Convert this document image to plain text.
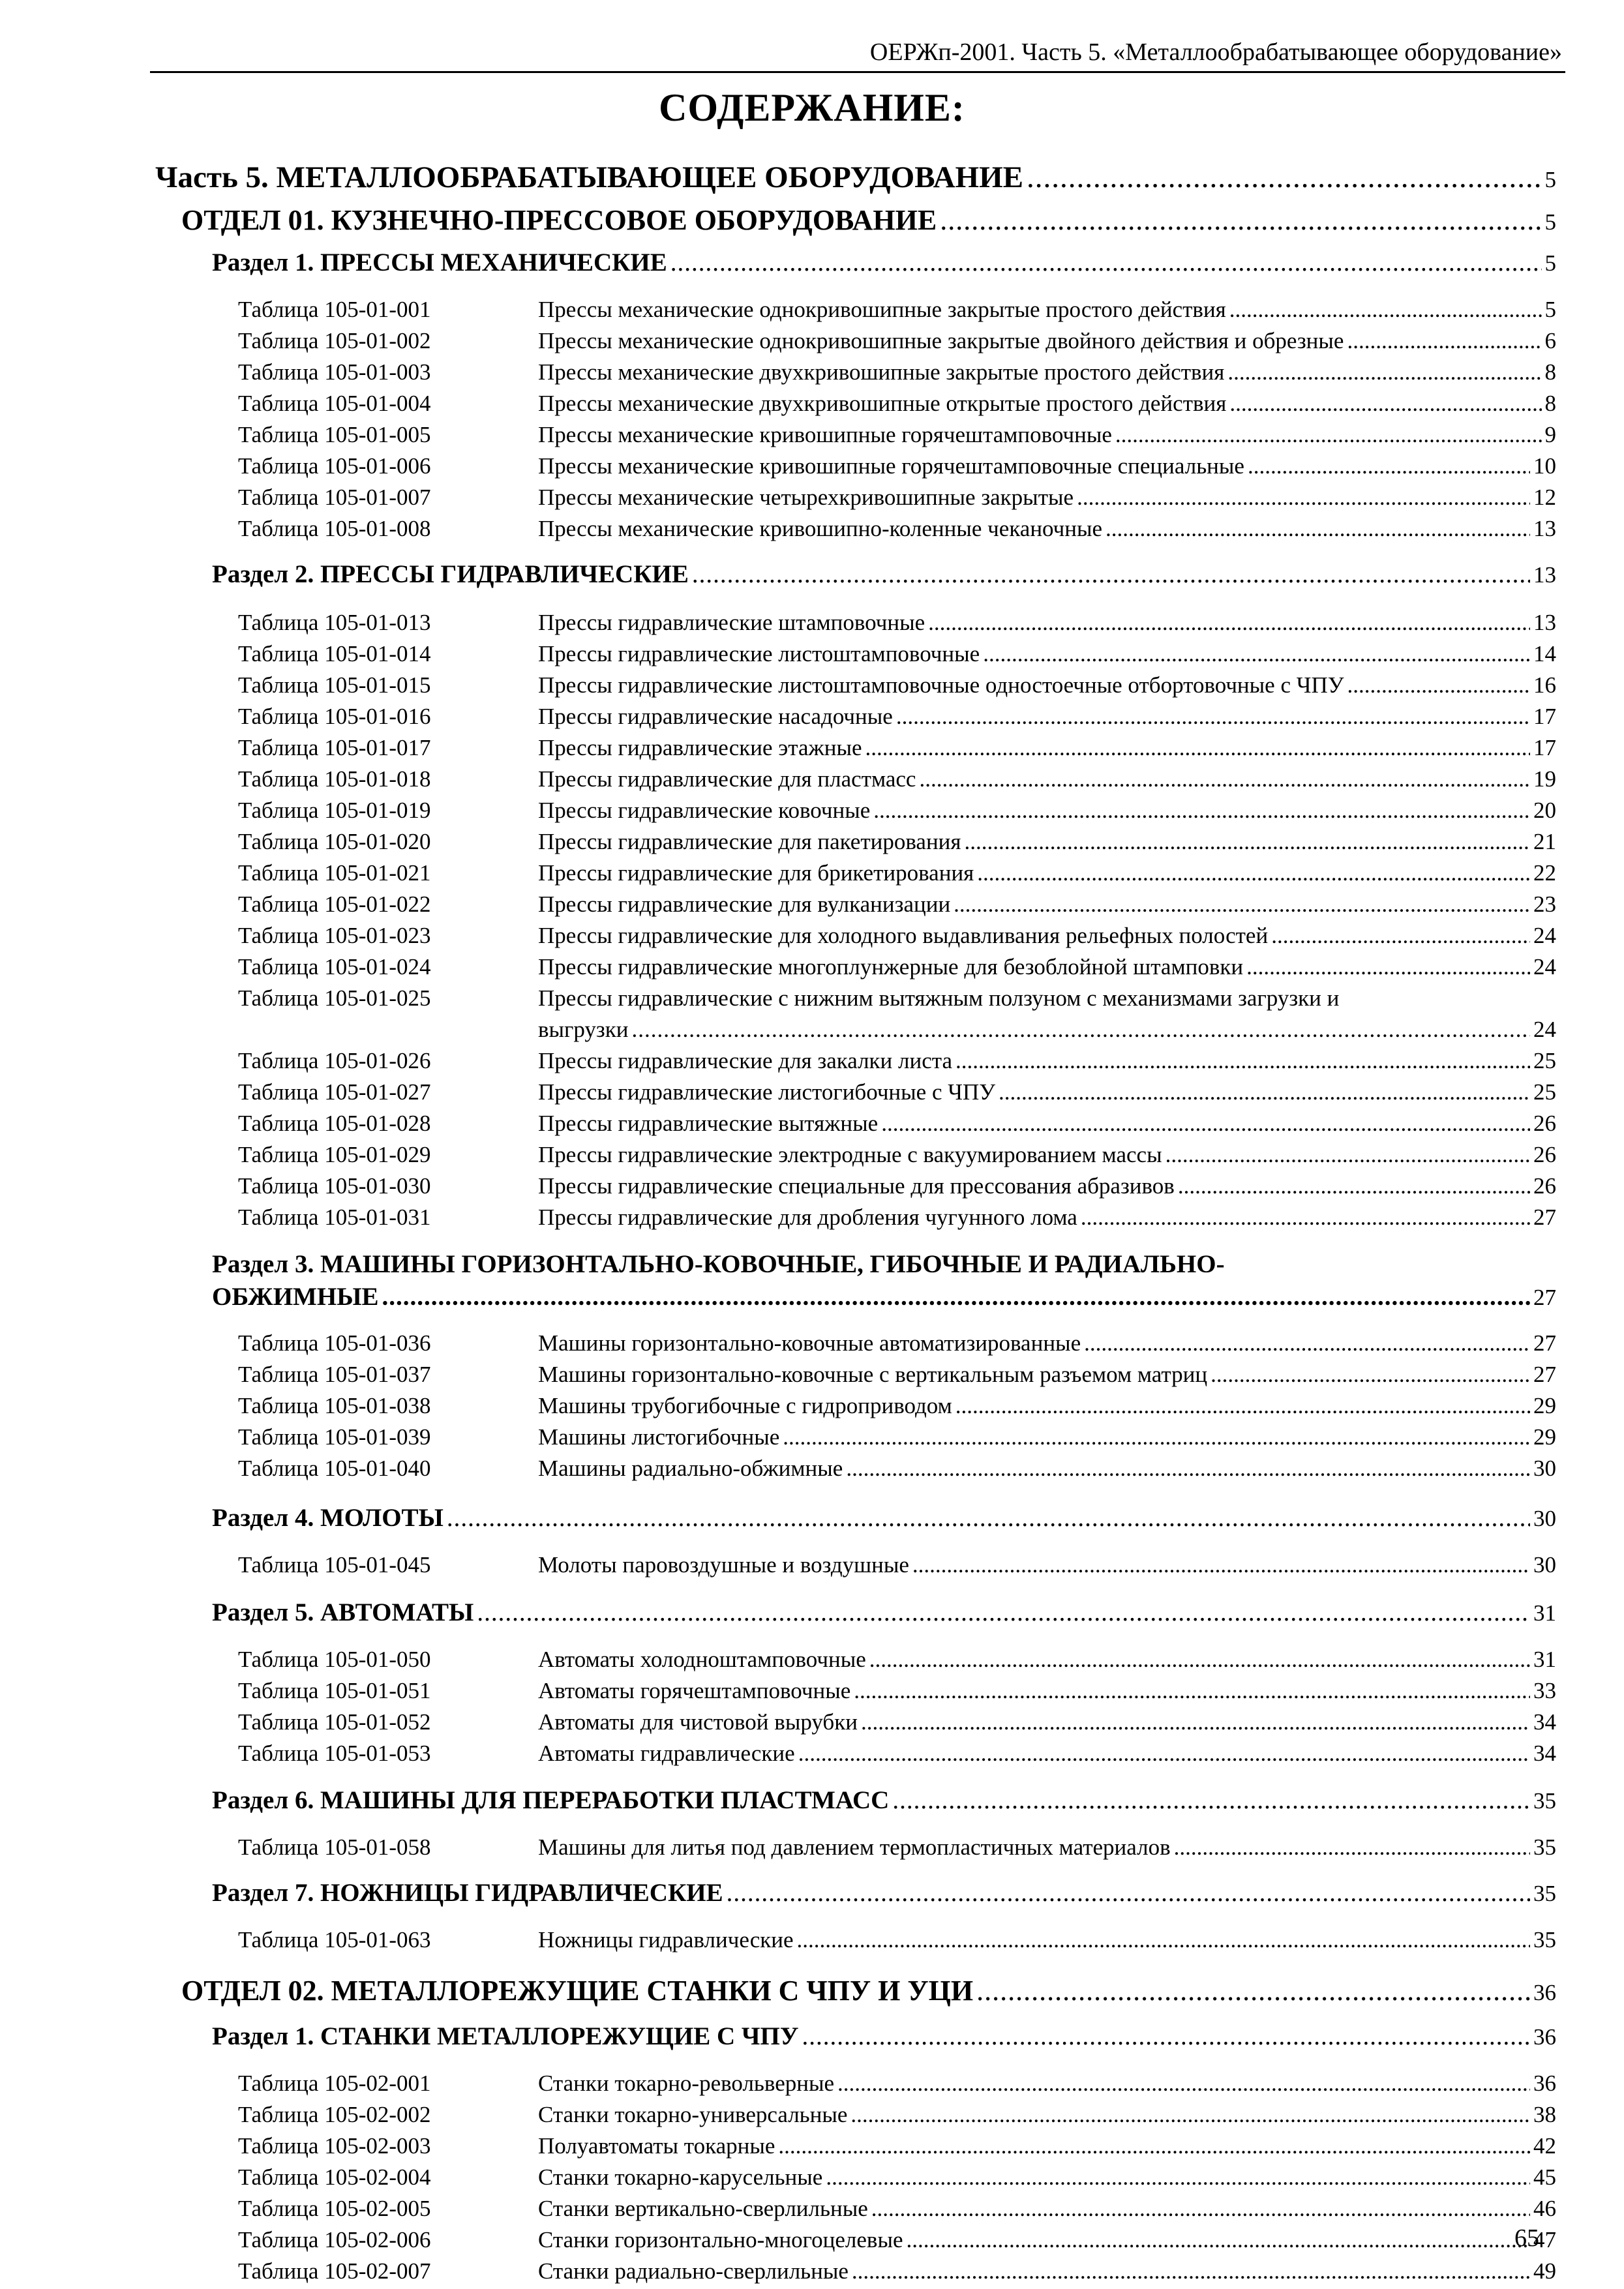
ОЕРЖп-2001. Часть 5. «Металлообрабатывающее оборудование»
СОДЕРЖАНИЕ:
Часть 5. МЕТАЛЛООБРАБАТЫВАЮЩЕЕ ОБОРУДОВАНИЕ .....	5
ОТДЕЛ 01. КУЗНЕЧНО-ПРЕССОВОЕ ОБОРУДОВАНИЕ .....	5
Раздел 1. ПРЕССЫ МЕХАНИЧЕСКИЕ .....	5
Таблица 105-01-001	Прессы механические однокривошипные закрытые простого действия .....	5
Таблица 105-01-002	Прессы механические однокривошипные закрытые двойного действия и обрезные .....	6
Таблица 105-01-003	Прессы механические двухкривошипные закрытые простого действия .....	8
Таблица 105-01-004	Прессы механические двухкривошипные открытые простого действия .....	8
Таблица 105-01-005	Прессы механические кривошипные горячештамповочные .....	9
Таблица 105-01-006	Прессы механические кривошипные горячештамповочные специальные .....	10
Таблица 105-01-007	Прессы механические четырехкривошипные закрытые .....	12
Таблица 105-01-008	Прессы механические кривошипно-коленные чеканочные .....	13
Раздел 2. ПРЕССЫ ГИДРАВЛИЧЕСКИЕ .....	13
Таблица 105-01-013	Прессы гидравлические штамповочные .....	13
Таблица 105-01-014	Прессы гидравлические листоштамповочные .....	14
Таблица 105-01-015	Прессы гидравлические листоштамповочные одностоечные отбортовочные с ЧПУ .....	16
Таблица 105-01-016	Прессы гидравлические насадочные .....	17
Таблица 105-01-017	Прессы гидравлические этажные .....	17
Таблица 105-01-018	Прессы гидравлические для пластмасс .....	19
Таблица 105-01-019	Прессы гидравлические ковочные .....	20
Таблица 105-01-020	Прессы гидравлические для пакетирования .....	21
Таблица 105-01-021	Прессы гидравлические для брикетирования .....	22
Таблица 105-01-022	Прессы гидравлические для вулканизации .....	23
Таблица 105-01-023	Прессы гидравлические для холодного выдавливания рельефных полостей .....	24
Таблица 105-01-024	Прессы гидравлические многоплунжерные для безоблойной штамповки .....	24
Таблица 105-01-025	Прессы гидравлические с нижним вытяжным ползуном с механизмами загрузки и
выгрузки .....	24
Таблица 105-01-026	Прессы гидравлические для закалки листа .....	25
Таблица 105-01-027	Прессы гидравлические листогибочные с ЧПУ .....	25
Таблица 105-01-028	Прессы гидравлические вытяжные .....	26
Таблица 105-01-029	Прессы гидравлические электродные с вакуумированием массы .....	26
Таблица 105-01-030	Прессы гидравлические специальные для прессования абразивов .....	26
Таблица 105-01-031	Прессы гидравлические для дробления чугунного лома .....	27
Раздел 3. МАШИНЫ ГОРИЗОНТАЛЬНО-КОВОЧНЫЕ, ГИБОЧНЫЕ И РАДИАЛЬНО-
ОБЖИМНЫЕ .....	27
Таблица 105-01-036	Машины горизонтально-ковочные автоматизированные .....	27
Таблица 105-01-037	Машины горизонтально-ковочные с вертикальным разъемом матриц .....	27
Таблица 105-01-038	Машины трубогибочные с гидроприводом .....	29
Таблица 105-01-039	Машины листогибочные .....	29
Таблица 105-01-040	Машины радиально-обжимные .....	30
Раздел 4. МОЛОТЫ .....	30
Таблица 105-01-045	Молоты паровоздушные и воздушные .....	30
Раздел 5. АВТОМАТЫ .....	31
Таблица 105-01-050	Автоматы холодноштамповочные .....	31
Таблица 105-01-051	Автоматы горячештамповочные .....	33
Таблица 105-01-052	Автоматы для чистовой вырубки .....	34
Таблица 105-01-053	Автоматы гидравлические .....	34
Раздел 6. МАШИНЫ ДЛЯ ПЕРЕРАБОТКИ ПЛАСТМАСС .....	35
Таблица 105-01-058	Машины для литья под давлением термопластичных материалов .....	35
Раздел 7. НОЖНИЦЫ ГИДРАВЛИЧЕСКИЕ .....	35
Таблица 105-01-063	Ножницы гидравлические .....	35
ОТДЕЛ 02. МЕТАЛЛОРЕЖУЩИЕ СТАНКИ С ЧПУ И УЦИ .....	36
Раздел 1. СТАНКИ МЕТАЛЛОРЕЖУЩИЕ С ЧПУ .....	36
Таблица 105-02-001	Станки токарно-револьверные .....	36
Таблица 105-02-002	Станки токарно-универсальные .....	38
Таблица 105-02-003	Полуавтоматы токарные .....	42
Таблица 105-02-004	Станки токарно-карусельные .....	45
Таблица 105-02-005	Станки вертикально-сверлильные .....	46
Таблица 105-02-006	Станки горизонтально-многоцелевые .....	47
Таблица 105-02-007	Станки радиально-сверлильные .....	49
65
